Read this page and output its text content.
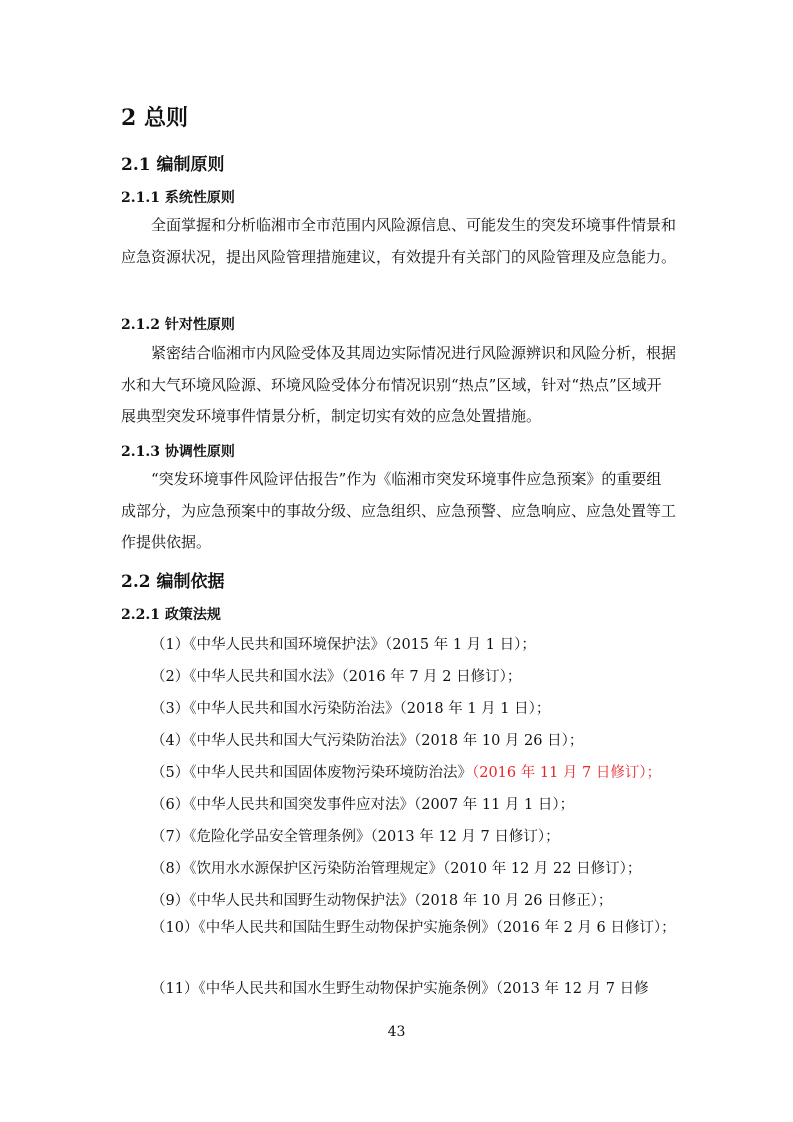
2 总则
2.1 编制原则
2.1.1 系统性原则

全面掌握和分析临湘市全市范围内风险源信息、可能发生的突发环境事件情景和应急资源状况，提出风险管理措施建议，有效提升有关部门的风险管理及应急能力。

2.1.2 针对性原则

紧密结合临湘市内风险受体及其周边实际情况进行风险源辨识和风险分析，根据水和大气环境风险源、环境风险受体分布情况识别“热点”区域，针对“热点”区域开展典型突发环境事件情景分析，制定切实有效的应急处置措施。

2.1.3 协调性原则

“突发环境事件风险评估报告”作为《临湘市突发环境事件应急预案》的重要组成部分，为应急预案中的事故分级、应急组织、应急预警、应急响应、应急处置等工作提供依据。

2.2 编制依据
2.2.1 政策法规
（1）《中华人民共和国环境保护法》（2015 年 1 月 1 日）；
（2）《中华人民共和国水法》（2016 年 7 月 2 日修订）；
（3）《中华人民共和国水污染防治法》（2018 年 1 月 1 日）；
（4）《中华人民共和国大气污染防治法》（2018 年 10 月 26 日）；
（5）《中华人民共和国固体废物污染环境防治法》（2016 年 11 月 7 日修订）；
（6）《中华人民共和国突发事件应对法》（2007 年 11 月 1 日）；
（7）《危险化学品安全管理条例》（2013 年 12 月 7 日修订）；
（8）《饮用水水源保护区污染防治管理规定》（2010 年 12 月 22 日修订）；
（9）《中华人民共和国野生动物保护法》（2018 年 10 月 26 日修正）；

（10）《中华人民共和国陆生野生动物保护实施条例》（2016 年 2 月 6 日修订）；

（11）《中华人民共和国水生野生动物保护实施条例》（2013 年 12 月 7 日修
43
